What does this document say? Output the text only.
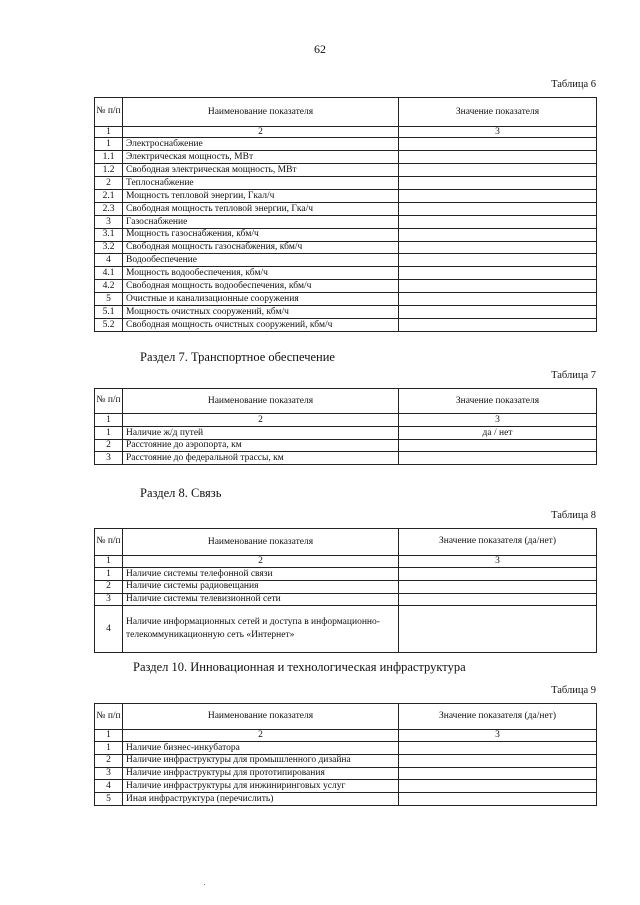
62
Таблица 6
№ п/п	Наименование показателя	Значение показателя
1	2	3
1	Электроснабжение	
1.1	Электрическая мощность, МВт	
1.2	Свободная электрическая мощность, МВт	
2	Теплоснабжение	
2.1	Мощность тепловой энергии, Гкал/ч	
2.3	Свободная мощность тепловой энергии, Гка/ч	
3	Газоснабжение	
3.1	Мощность газоснабжения, кбм/ч	
3.2	Свободная мощность газоснабжения, кбм/ч	
4	Водообеспечение	
4.1	Мощность водообеспечения, кбм/ч	
4.2	Свободная мощность водообеспечения, кбм/ч	
5	Очистные и канализационные сооружения	
5.1	Мощность очистных сооружений, кбм/ч	
5.2	Свободная мощность очистных сооружений, кбм/ч	
Раздел 7. Транспортное обеспечение
Таблица 7
№ п/п	Наименование показателя	Значение показателя
1	2	3
1	Наличие ж/д путей	да / нет
2	Расстояние до аэропорта, км	
3	Расстояние до федеральной трассы, км	
Раздел 8. Связь
Таблица 8
№ п/п	Наименование показателя	Значение показателя (да/нет)
1	2	3
1	Наличие системы телефонной связи	
2	Наличие системы радиовещания	
3	Наличие системы телевизионной сети	
4	Наличие информационных сетей и доступа в информационно-телекоммуникационную сеть «Интернет»	
Раздел 10. Инновационная и технологическая инфраструктура
Таблица 9
№ п/п	Наименование показателя	Значение показателя (да/нет)
1	2	3
1	Наличие бизнес-инкубатора	
2	Наличие инфраструктуры для промышленного дизайна	
3	Наличие инфраструктуры для прототипирования	
4	Наличие инфраструктуры для инжиниринговых услуг	
5	Иная инфраструктура (перечислить)	
